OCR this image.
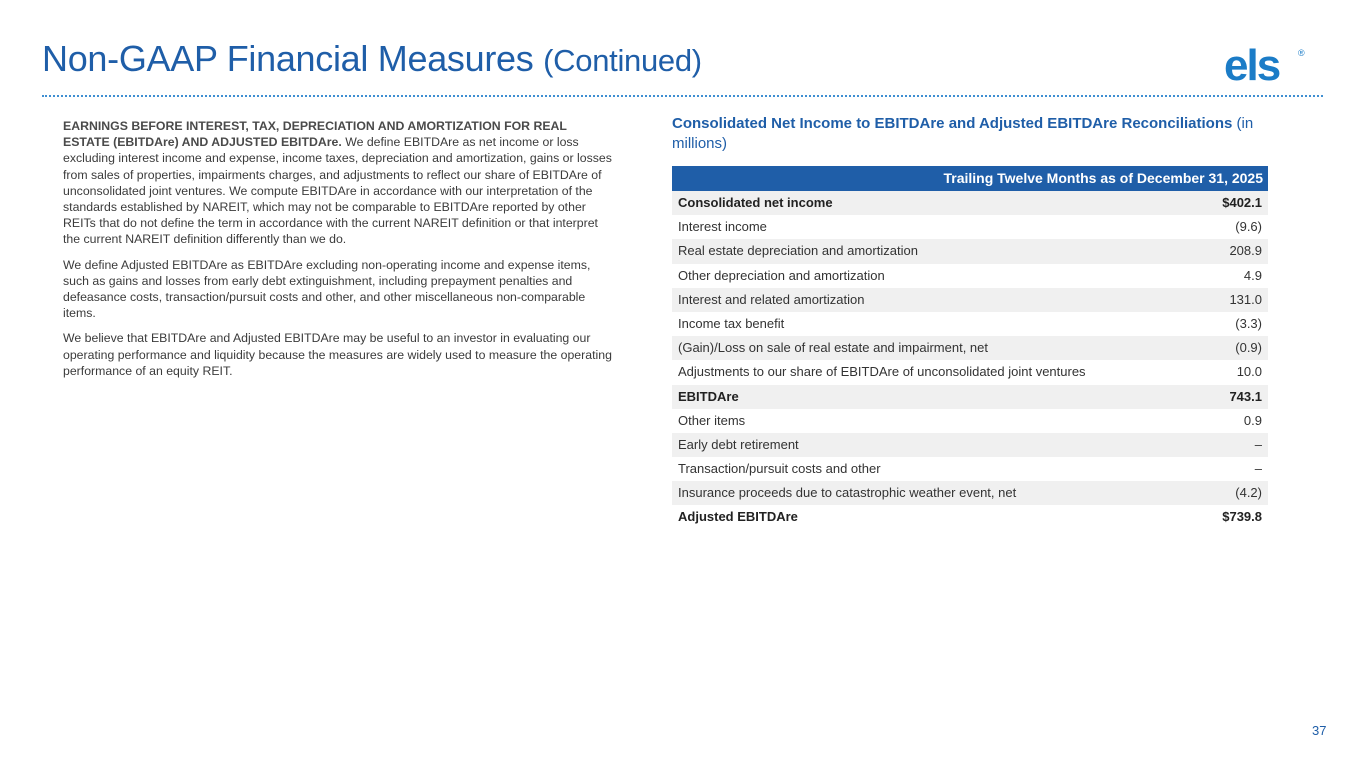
Non-GAAP Financial Measures (Continued)	els ®

EARNINGS BEFORE INTEREST, TAX, DEPRECIATION AND AMORTIZATION FOR REAL ESTATE (EBITDAre) AND ADJUSTED EBITDAre. We define EBITDAre as net income or loss excluding interest income and expense, income taxes, depreciation and amortization, gains or losses from sales of properties, impairments charges, and adjustments to reflect our share of EBITDAre of unconsolidated joint ventures. We compute EBITDAre in accordance with our interpretation of the standards established by NAREIT, which may not be comparable to EBITDAre reported by other REITs that do not define the term in accordance with the current NAREIT definition or that interpret the current NAREIT definition differently than we do.

We define Adjusted EBITDAre as EBITDAre excluding non-operating income and expense items, such as gains and losses from early debt extinguishment, including prepayment penalties and defeasance costs, transaction/pursuit costs and other, and other miscellaneous non-comparable items.

We believe that EBITDAre and Adjusted EBITDAre may be useful to an investor in evaluating our operating performance and liquidity because the measures are widely used to measure the operating performance of an equity REIT.

Consolidated Net Income to EBITDAre and Adjusted EBITDAre Reconciliations (in millions)
Trailing Twelve Months as of December 31, 2025
Consolidated net income	$402.1
Interest income	(9.6)
Real estate depreciation and amortization	208.9
Other depreciation and amortization	4.9
Interest and related amortization	131.0
Income tax benefit	(3.3)
(Gain)/Loss on sale of real estate and impairment, net	(0.9)
Adjustments to our share of EBITDAre of unconsolidated joint ventures	10.0
EBITDAre	743.1
Other items	0.9
Early debt retirement	–
Transaction/pursuit costs and other	–
Insurance proceeds due to catastrophic weather event, net	(4.2)
Adjusted EBITDAre	$739.8
37
